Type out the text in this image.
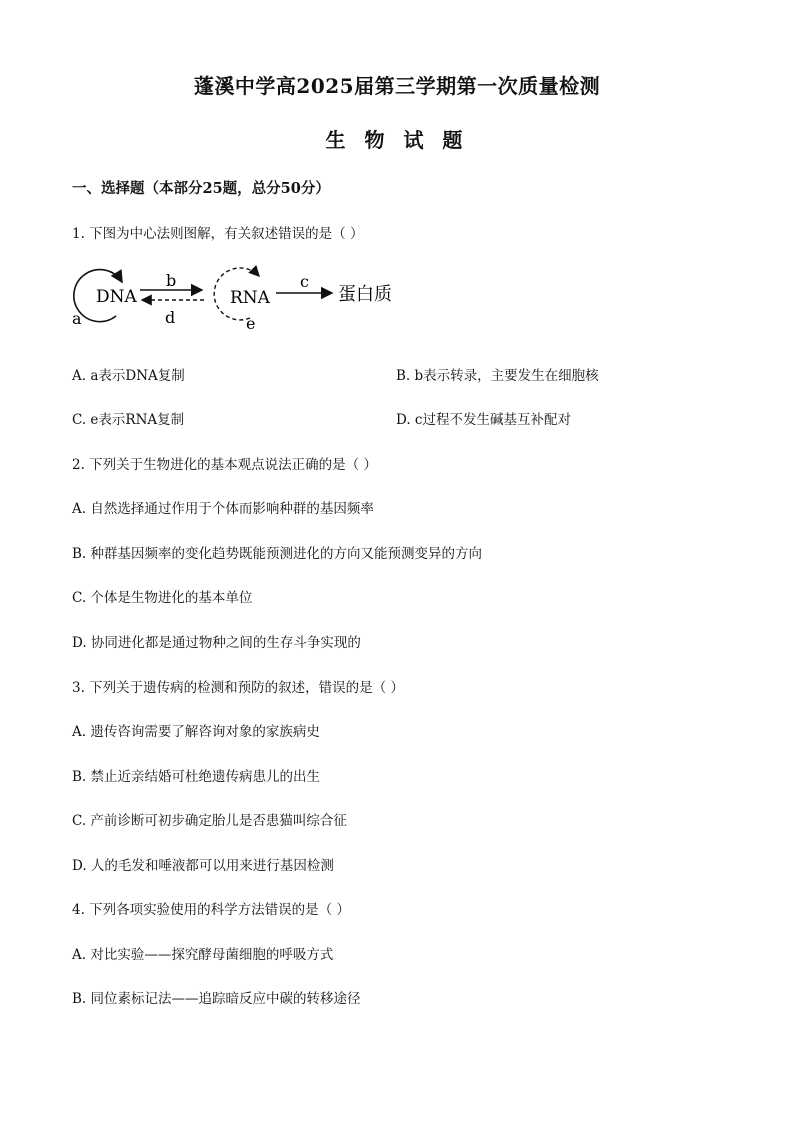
蓬溪中学高2025届第三学期第一次质量检测
生 物 试 题
一、选择题（本部分25题，总分50分）
1. 下图为中心法则图解，有关叙述错误的是（ ）
a
DNA
b
d
RNA
e
c
蛋白质
A. a表示DNA复制	B. b表示转录，主要发生在细胞核
C. e表示RNA复制	D. c过程不发生碱基互补配对
2. 下列关于生物进化的基本观点说法正确的是（ ）
A. 自然选择通过作用于个体而影响种群的基因频率
B. 种群基因频率的变化趋势既能预测进化的方向又能预测变异的方向
C. 个体是生物进化的基本单位
D. 协同进化都是通过物种之间的生存斗争实现的
3. 下列关于遗传病的检测和预防的叙述，错误的是（ ）
A. 遗传咨询需要了解咨询对象的家族病史
B. 禁止近亲结婚可杜绝遗传病患儿的出生
C. 产前诊断可初步确定胎儿是否患猫叫综合征
D. 人的毛发和唾液都可以用来进行基因检测
4. 下列各项实验使用的科学方法错误的是（ ）
A. 对比实验——探究酵母菌细胞的呼吸方式
B. 同位素标记法——追踪暗反应中碳的转移途径
